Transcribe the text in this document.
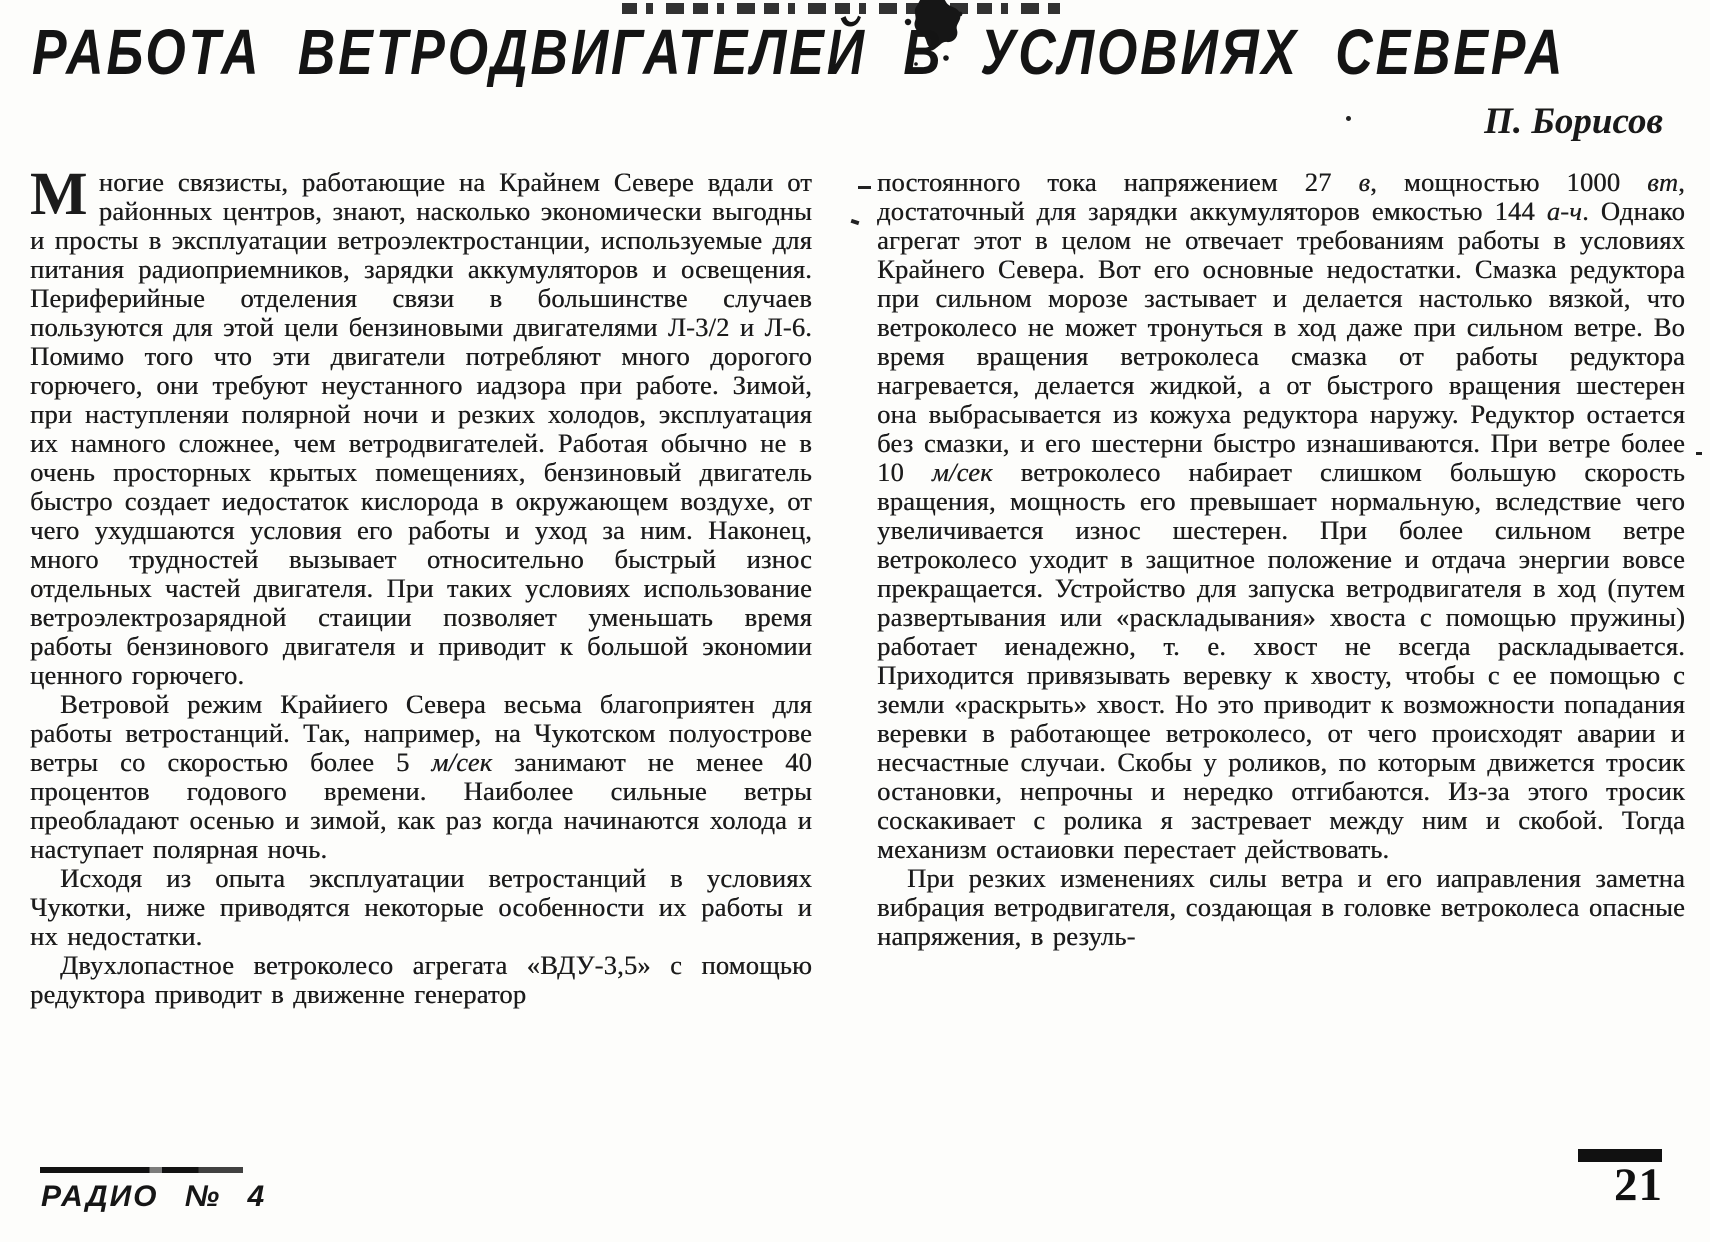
РАБОТА ВЕТРОДВИГАТЕЛЕЙ В УСЛОВИЯХ СЕВЕРА
П. Борисов

Многие связисты, работающие на Крайнем Севере вдали от районных центров, знают, насколько экономически выгодны и просты в эксплуатации ветроэлектростанции, используемые для питания радиоприемников, зарядки аккумуляторов и освещения. Периферийные отделения связи в большинстве случаев пользуются для этой цели бензиновыми двигателями Л-3/2 и Л-6. Помимо того что эти двигатели потребляют много дорогого горючего, они требуют неустанного иадзора при работе. Зимой, при наступленяи полярной ночи и резких холодов, эксплуатация их намного сложнее, чем ветродвигателей. Работая обычно не в очень просторных крытых помещениях, бензиновый двигатель быстро создает иедостаток кислорода в окружающем воздухе, от чего ухудшаются условия его работы и уход за ним. Наконец, много трудностей вызывает относительно быстрый износ отдельных частей двигателя. При таких условиях использование ветроэлектрозарядной стаиции позволяет уменьшать время работы бензинового двигателя и приводит к большой экономии ценного горючего.

Ветровой режим Крайиего Севера весьма благоприятен для работы ветростанций. Так, например, на Чукотском полуострове ветры со скоростью более 5 м/сек занимают не менее 40 процентов годового времени. Наиболее сильные ветры преобладают осенью и зимой, как раз когда начинаются холода и наступает полярная ночь.

Исходя из опыта эксплуатации ветростанций в условиях Чукотки, ниже приводятся некоторые особенности их работы и нх недостатки.

Двухлопастное ветроколесо агрегата «ВДУ-3,5» с помощью редуктора приводит в движенне генератор

постоянного тока напряжением 27 в, мощностью 1000 вт, достаточный для зарядки аккумуляторов емкостью 144 а-ч. Однако агрегат этот в целом не отвечает требованиям работы в условиях Крайнего Севера. Вот его основные недостатки. Смазка редуктора при сильном морозе застывает и делается настолько вязкой, что ветроколесо не может тронуться в ход даже при сильном ветре. Во время вращения ветроколеса смазка от работы редуктора нагревается, делается жидкой, а от быстрого вращения шестерен она выбрасывается из кожуха редуктора наружу. Редуктор остается без смазки, и его шестерни быстро изнашиваются. При ветре более 10 м/сек ветроколесо набирает слишком большую скорость вращения, мощность его превышает нормальную, вследствие чего увеличивается износ шестерен. При более сильном ветре ветроколесо уходит в защитное положение и отдача энергии вовсе прекращается. Устройство для запуска ветродвигателя в ход (путем развертывания или «раскладывания» хвоста с помощью пружины) работает иенадежно, т. е. хвост не всегда раскладывается. Приходится привязывать веревку к хвосту, чтобы с ее помощью с земли «раскрыть» хвост. Но это приводит к возможности попадания веревки в работающее ветроколесо, от чего происходят аварии и несчастные случаи. Скобы у роликов, по которым движется тросик остановки, непрочны и нередко отгибаются. Из-за этого тросик соскакивает с ролика я застревает между ним и скобой. Тогда механизм остаиовки перестает действовать.

При резких изменениях силы ветра и его иаправления заметна вибрация ветродвигателя, создающая в головке ветроколеса опасные напряжения, в резуль-

РАДИО № 4	21
